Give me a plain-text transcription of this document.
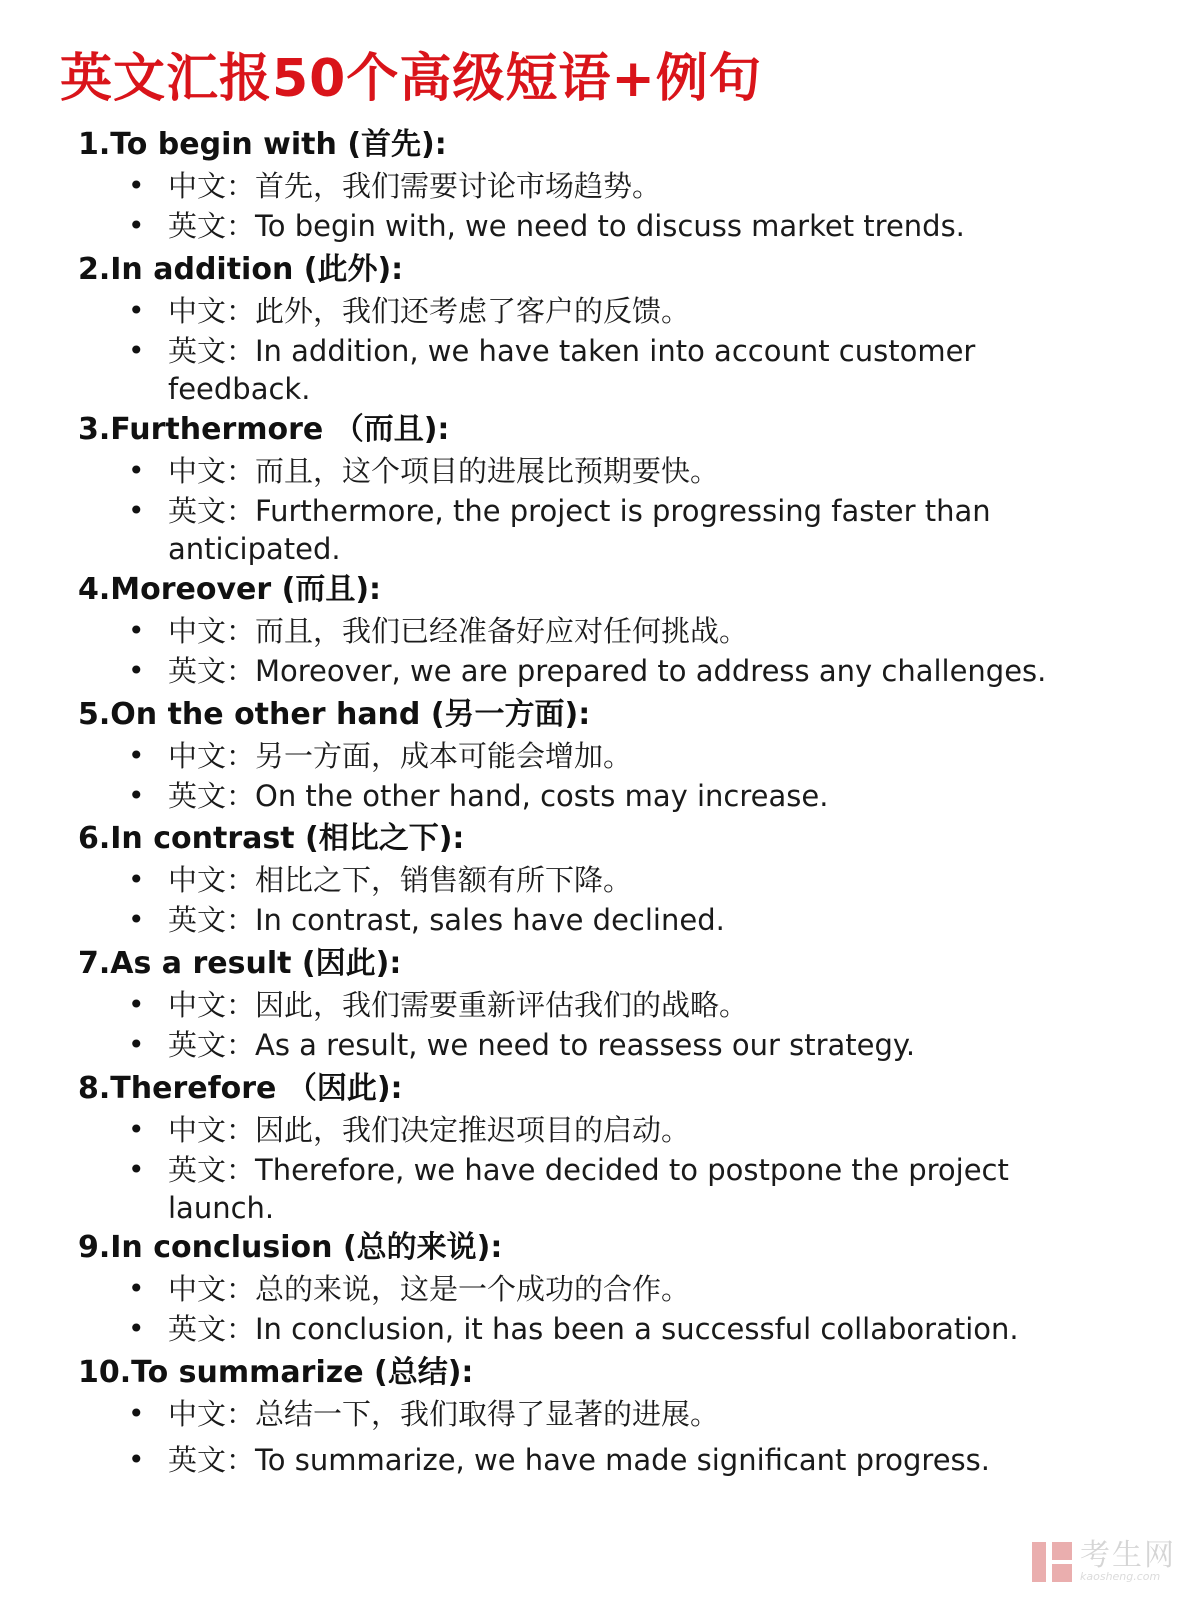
英文汇报50个高级短语+例句
1.To begin with (首先):
• 中文：首先，我们需要讨论市场趋势。
• 英文：To begin with, we need to discuss market trends.
2.In addition (此外):
• 中文：此外，我们还考虑了客户的反馈。
• 英文：In addition, we have taken into account customer
feedback.
3.Furthermore （而且):
• 中文：而且，这个项目的进展比预期要快。
• 英文：Furthermore, the project is progressing faster than
anticipated.
4.Moreover (而且):
• 中文：而且，我们已经准备好应对任何挑战。
• 英文：Moreover, we are prepared to address any challenges.
5.On the other hand (另一方面):
• 中文：另一方面，成本可能会增加。
• 英文：On the other hand, costs may increase.
6.In contrast (相比之下):
• 中文：相比之下，销售额有所下降。
• 英文：In contrast, sales have declined.
7.As a result (因此):
• 中文：因此，我们需要重新评估我们的战略。
• 英文：As a result, we need to reassess our strategy.
8.Therefore （因此):
• 中文：因此，我们决定推迟项目的启动。
• 英文：Therefore, we have decided to postpone the project
launch.
9.In conclusion (总的来说):
• 中文：总的来说，这是一个成功的合作。
• 英文：In conclusion, it has been a successful collaboration.
10.To summarize (总结):
• 中文：总结一下，我们取得了显著的进展。
• 英文：To summarize, we have made significant progress.
考生网
kaosheng.com
